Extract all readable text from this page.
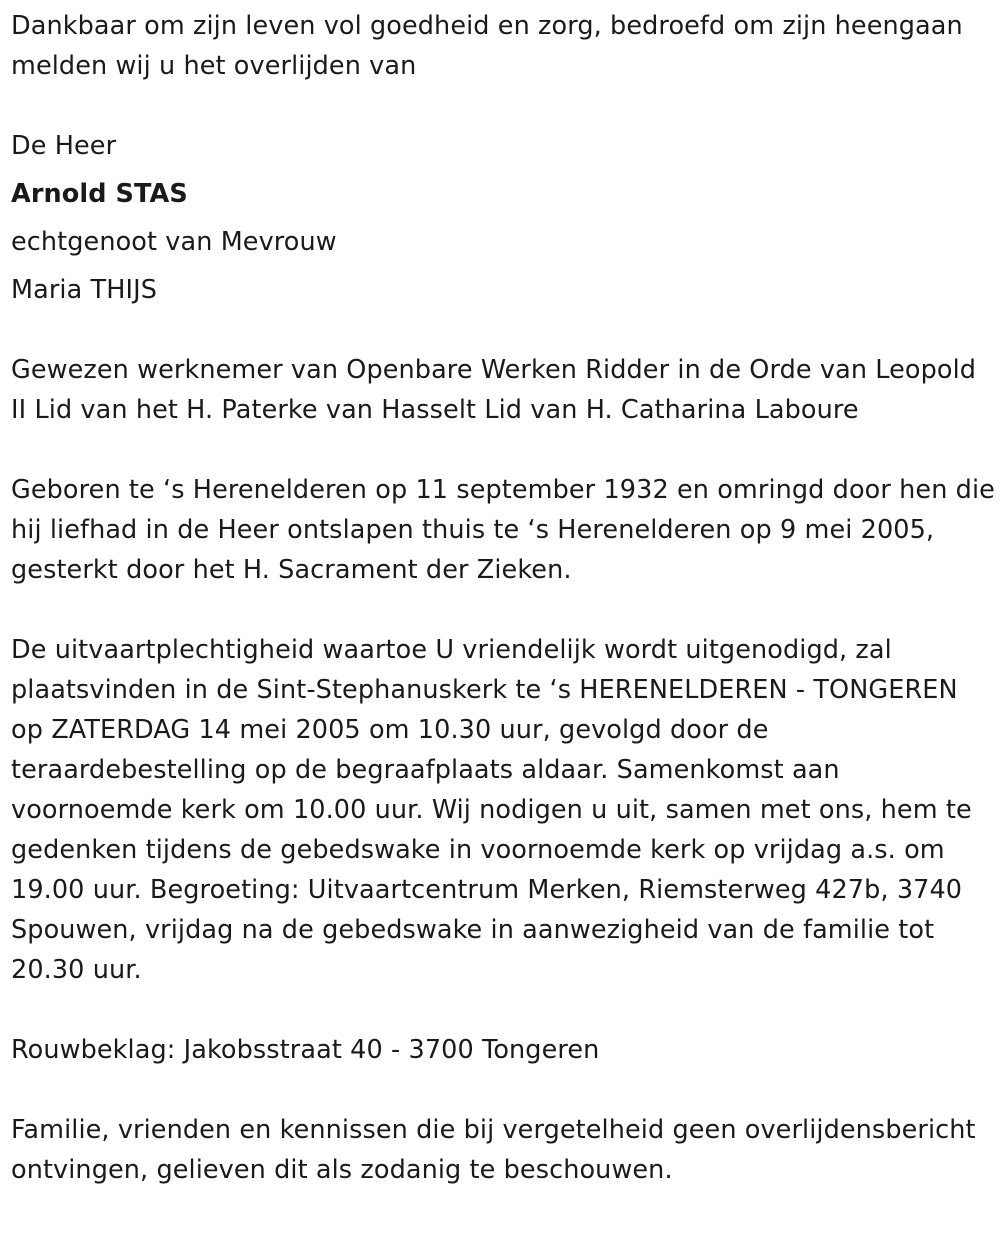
Dankbaar om zijn leven vol goedheid en zorg, bedroefd om zijn heengaan melden wij u het overlijden van

De Heer

Arnold STAS

echtgenoot van Mevrouw

Maria THIJS

Gewezen werknemer van Openbare Werken Ridder in de Orde van Leopold II Lid van het H. Paterke van Hasselt Lid van H. Catharina Laboure

Geboren te ‘s Herenelderen op 11 september 1932 en omringd door hen die hij liefhad in de Heer ontslapen thuis te ‘s Herenelderen op 9 mei 2005, gesterkt door het H. Sacrament der Zieken.

De uitvaartplechtigheid waartoe U vriendelijk wordt uitgenodigd, zal plaatsvinden in de Sint-Stephanuskerk te ‘s HERENELDEREN - TONGEREN op ZATERDAG 14 mei 2005 om 10.30 uur, gevolgd door de teraardebestelling op de begraafplaats aldaar. Samenkomst aan voornoemde kerk om 10.00 uur. Wij nodigen u uit, samen met ons, hem te gedenken tijdens de gebedswake in voornoemde kerk op vrijdag a.s. om 19.00 uur. Begroeting: Uitvaartcentrum Merken, Riemsterweg 427b, 3740 Spouwen, vrijdag na de gebedswake in aanwezigheid van de familie tot 20.30 uur.

Rouwbeklag: Jakobsstraat 40 - 3700 Tongeren

Familie, vrienden en kennissen die bij vergetelheid geen overlijdensbericht ontvingen, gelieven dit als zodanig te beschouwen.
